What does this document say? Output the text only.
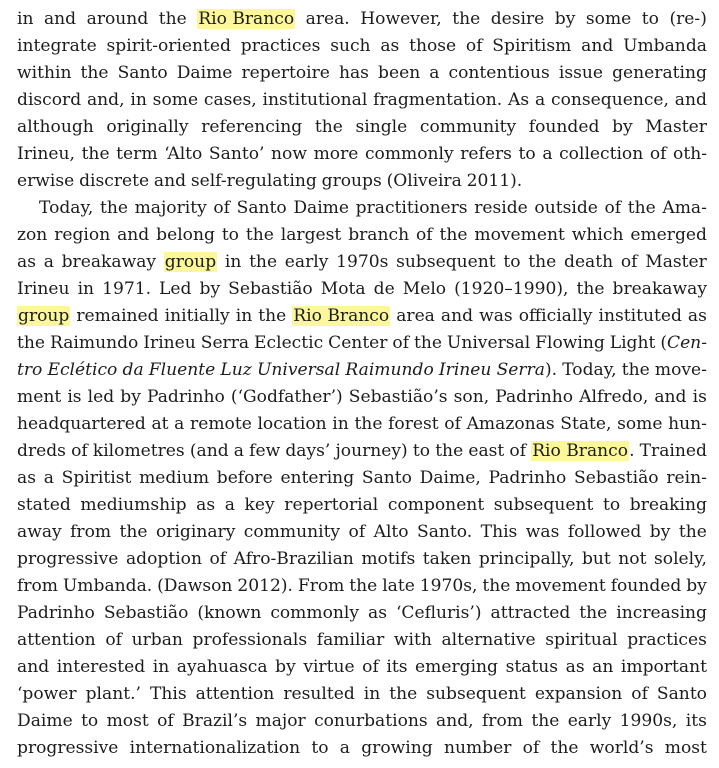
in and around the Rio Branco area. However, the desire by some to (re-)
integrate spirit-oriented practices such as those of Spiritism and Umbanda
within the Santo Daime repertoire has been a contentious issue generating
discord and, in some cases, institutional fragmentation. As a consequence, and
although originally referencing the single community founded by Master
Irineu, the term ‘Alto Santo’ now more commonly refers to a collection of oth-
erwise discrete and self-regulating groups (Oliveira 2011).
Today, the majority of Santo Daime practitioners reside outside of the Ama-
zon region and belong to the largest branch of the movement which emerged
as a breakaway group in the early 1970s subsequent to the death of Master
Irineu in 1971. Led by Sebastião Mota de Melo (1920–1990), the breakaway
group remained initially in the Rio Branco area and was officially instituted as
the Raimundo Irineu Serra Eclectic Center of the Universal Flowing Light (Cen-
tro Eclético da Fluente Luz Universal Raimundo Irineu Serra). Today, the move-
ment is led by Padrinho (‘Godfather’) Sebastião’s son, Padrinho Alfredo, and is
headquartered at a remote location in the forest of Amazonas State, some hun-
dreds of kilometres (and a few days’ journey) to the east of Rio Branco. Trained
as a Spiritist medium before entering Santo Daime, Padrinho Sebastião rein-
stated mediumship as a key repertorial component subsequent to breaking
away from the originary community of Alto Santo. This was followed by the
progressive adoption of Afro-Brazilian motifs taken principally, but not solely,
from Umbanda. (Dawson 2012). From the late 1970s, the movement founded by
Padrinho Sebastião (known commonly as ‘Cefluris’) attracted the increasing
attention of urban professionals familiar with alternative spiritual practices
and interested in ayahuasca by virtue of its emerging status as an important
‘power plant.’ This attention resulted in the subsequent expansion of Santo
Daime to most of Brazil’s major conurbations and, from the early 1990s, its
progressive internationalization to a growing number of the world’s most
